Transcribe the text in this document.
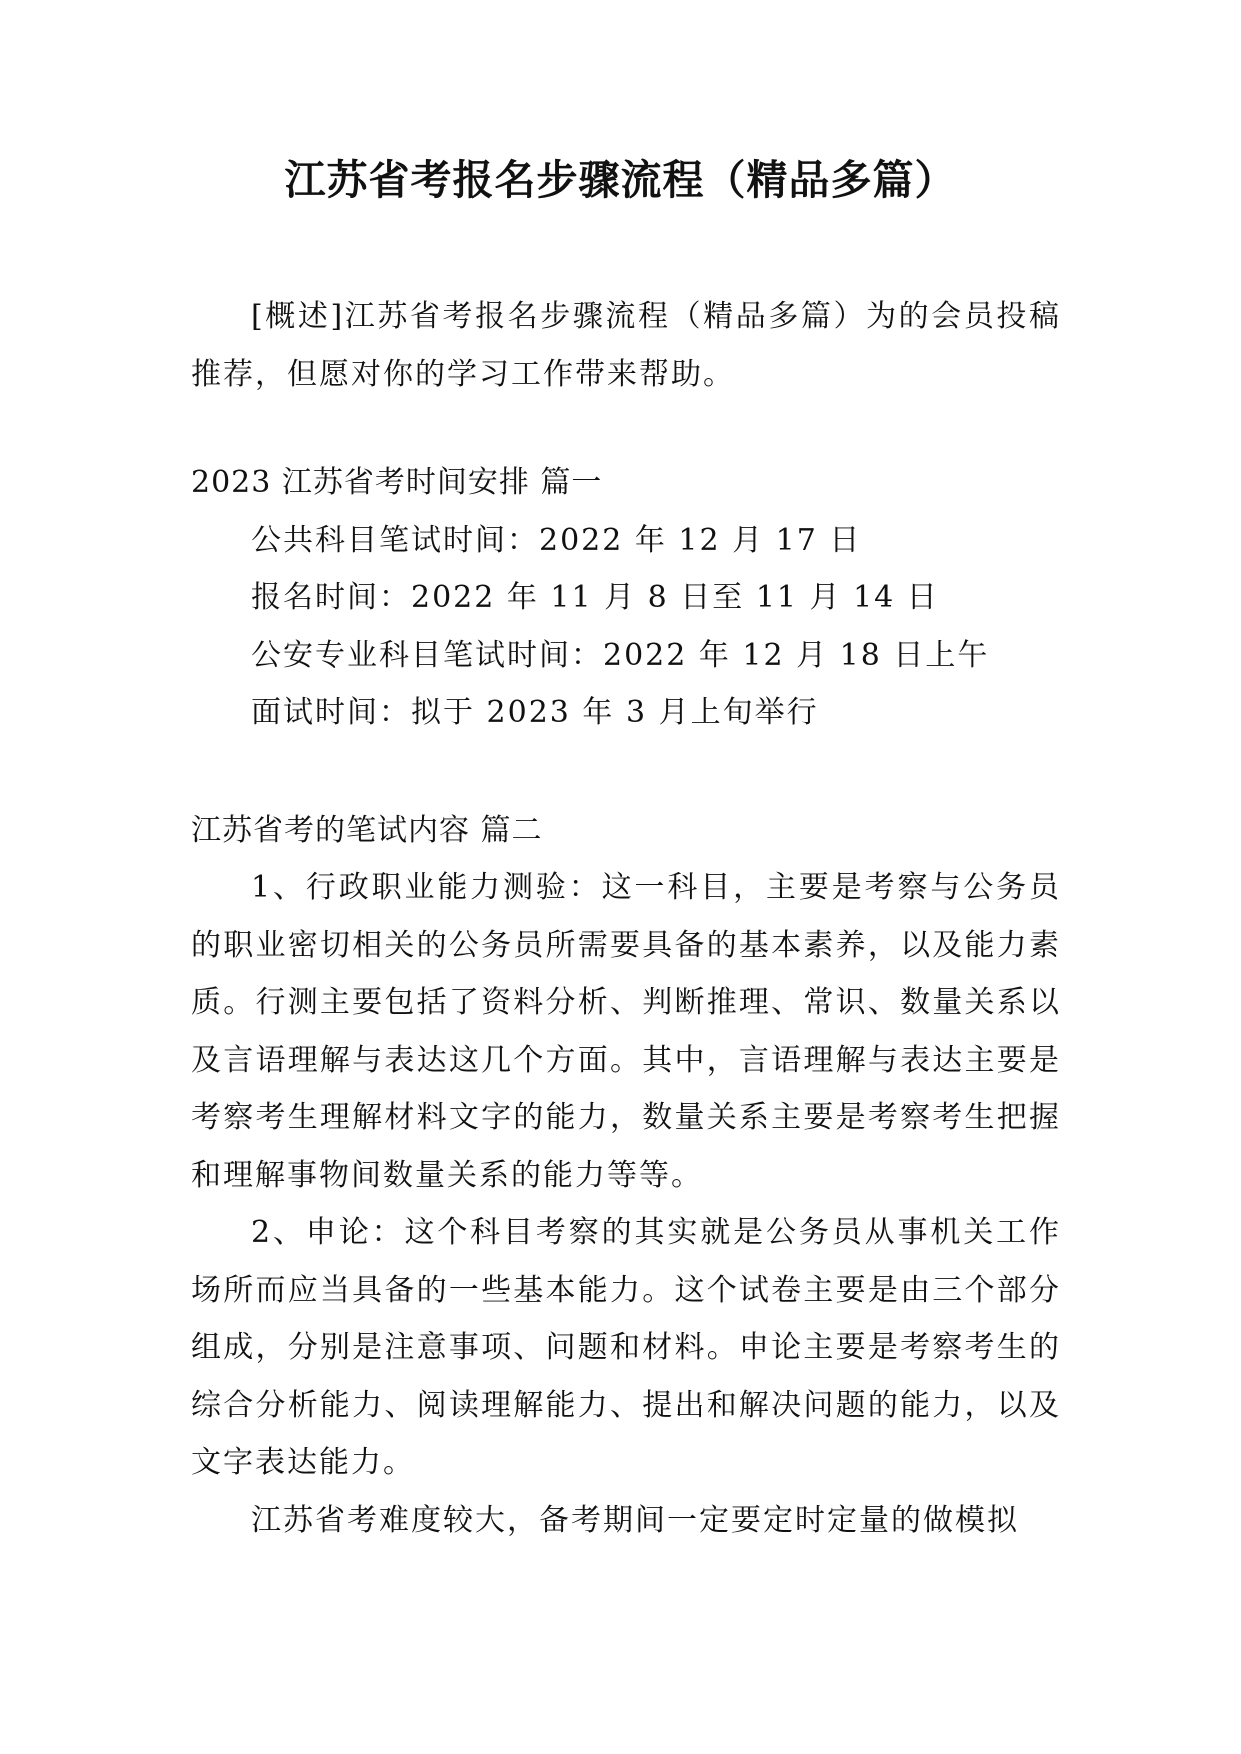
江苏省考报名步骤流程（精品多篇）

[概述]江苏省考报名步骤流程（精品多篇）为的会员投稿推荐，但愿对你的学习工作带来帮助。

2023 江苏省考时间安排 篇一

公共科目笔试时间：2022 年 12 月 17 日

报名时间：2022 年 11 月 8 日至 11 月 14 日

公安专业科目笔试时间：2022 年 12 月 18 日上午

面试时间：拟于 2023 年 3 月上旬举行

江苏省考的笔试内容 篇二

1、行政职业能力测验：这一科目，主要是考察与公务员的职业密切相关的公务员所需要具备的基本素养，以及能力素质。行测主要包括了资料分析、判断推理、常识、数量关系以及言语理解与表达这几个方面。其中，言语理解与表达主要是考察考生理解材料文字的能力，数量关系主要是考察考生把握和理解事物间数量关系的能力等等。

2、申论：这个科目考察的其实就是公务员从事机关工作场所而应当具备的一些基本能力。这个试卷主要是由三个部分组成，分别是注意事项、问题和材料。申论主要是考察考生的综合分析能力、阅读理解能力、提出和解决问题的能力，以及文字表达能力。

江苏省考难度较大，备考期间一定要定时定量的做模拟
